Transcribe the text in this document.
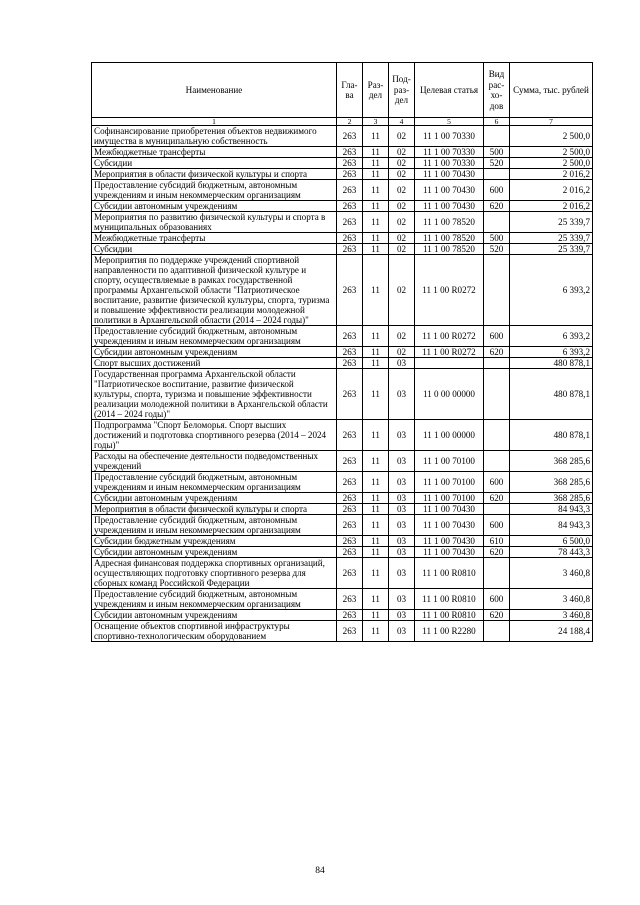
Наименование	Гла-ва	Раз-дел	Под-раз-дел	Целевая статья	Вид рас-хо-дов	Сумма, тыс. рублей
1	2	3	4	5	6	7
Софинансирование приобретения объектов недвижимого имущества в муниципальную собственность	263	11	02	11 1 00 70330		2 500,0
Межбюджетные трансферты	263	11	02	11 1 00 70330	500	2 500,0
Субсидии	263	11	02	11 1 00 70330	520	2 500,0
Мероприятия в области физической культуры и спорта	263	11	02	11 1 00 70430		2 016,2
Предоставление субсидий бюджетным, автономным учреждениям и иным некоммерческим организациям	263	11	02	11 1 00 70430	600	2 016,2
Субсидии автономным учреждениям	263	11	02	11 1 00 70430	620	2 016,2
Мероприятия по развитию физической культуры и спорта в муниципальных образованиях	263	11	02	11 1 00 78520		25 339,7
Межбюджетные трансферты	263	11	02	11 1 00 78520	500	25 339,7
Субсидии	263	11	02	11 1 00 78520	520	25 339,7
Мероприятия по поддержке учреждений спортивной направленности по адаптивной физической культуре и спорту, осуществляемые в рамках государственной программы Архангельской области "Патриотическое воспитание, развитие физической культуры, спорта, туризма и повышение эффективности реализации молодежной политики в Архангельской области (2014 – 2024 годы)"	263	11	02	11 1 00 R0272		6 393,2
Предоставление субсидий бюджетным, автономным учреждениям и иным некоммерческим организациям	263	11	02	11 1 00 R0272	600	6 393,2
Субсидии автономным учреждениям	263	11	02	11 1 00 R0272	620	6 393,2
Спорт высших достижений	263	11	03			480 878,1
Государственная программа Архангельской области "Патриотическое воспитание, развитие физической культуры, спорта, туризма и повышение эффективности реализации молодежной политики в Архангельской области (2014 – 2024 годы)"	263	11	03	11 0 00 00000		480 878,1
Подпрограмма "Спорт Беломорья. Спорт высших достижений и подготовка спортивного резерва (2014 – 2024 годы)"	263	11	03	11 1 00 00000		480 878,1
Расходы на обеспечение деятельности подведомственных учреждений	263	11	03	11 1 00 70100		368 285,6
Предоставление субсидий бюджетным, автономным учреждениям и иным некоммерческим организациям	263	11	03	11 1 00 70100	600	368 285,6
Субсидии автономным учреждениям	263	11	03	11 1 00 70100	620	368 285,6
Мероприятия в области физической культуры и спорта	263	11	03	11 1 00 70430		84 943,3
Предоставление субсидий бюджетным, автономным учреждениям и иным некоммерческим организациям	263	11	03	11 1 00 70430	600	84 943,3
Субсидии бюджетным учреждениям	263	11	03	11 1 00 70430	610	6 500,0
Субсидии автономным учреждениям	263	11	03	11 1 00 70430	620	78 443,3
Адресная финансовая поддержка спортивных организаций, осуществляющих подготовку спортивного резерва для сборных команд Российской Федерации	263	11	03	11 1 00 R0810		3 460,8
Предоставление субсидий бюджетным, автономным учреждениям и иным некоммерческим организациям	263	11	03	11 1 00 R0810	600	3 460,8
Субсидии автономным учреждениям	263	11	03	11 1 00 R0810	620	3 460,8
Оснащение объектов спортивной инфраструктуры спортивно-технологическим оборудованием	263	11	03	11 1 00 R2280		24 188,4
84
